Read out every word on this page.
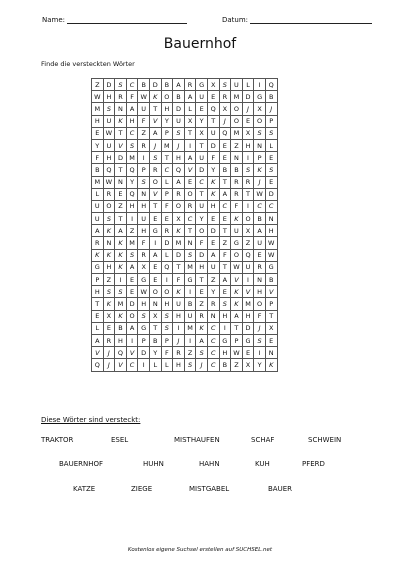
Name:	Datum:
Bauernhof
Finde die versteckten Wörter
Z	D	S	C	B	D	B	A	R	G	X	S	U	L	I	Q
W	H	R	F	W	K	O	B	A	U	E	R	M	D	G	B
M	S	N	A	U	T	H	D	L	E	Q	X	O	J	X	J
H	U	K	H	F	V	Y	U	X	Y	T	J	O	E	O	P
E	W	T	C	Z	A	P	S	T	X	U	Q	M	X	S	S
Y	U	V	S	R	J	M	J	I	T	D	E	Z	H	N	L
F	H	D	M	I	S	T	H	A	U	F	E	N	I	P	E
B	Q	T	Q	P	R	C	Q	V	D	Y	B	B	S	K	S
M	W	N	Y	S	O	L	A	E	C	K	T	R	R	J	E
L	R	E	Q	N	V	P	R	O	T	K	A	R	T	W	D
U	O	Z	H	H	T	F	O	R	U	H	C	F	I	C	C
U	S	T	I	U	E	E	X	C	Y	E	E	K	O	B	N
A	K	A	Z	H	G	R	K	T	O	D	T	U	X	A	H
R	N	K	M	F	I	D	M	N	F	E	Z	G	Z	U	W
K	K	K	S	R	A	L	D	S	D	A	F	O	Q	E	W
G	H	K	A	X	E	Q	T	M	H	U	T	W	U	R	G
P	Z	I	E	G	E	I	F	G	T	Z	A	V	I	N	B
H	S	S	E	W	O	O	K	I	E	Y	E	K	V	H	V
T	K	M	D	H	N	H	U	B	Z	R	S	K	M	O	P
E	X	K	O	S	X	S	H	U	R	N	H	A	H	F	T
L	E	B	A	G	T	S	I	M	K	C	I	T	D	J	X
A	R	H	I	P	B	P	J	I	A	C	G	P	G	S	E
V	J	Q	V	D	Y	F	R	Z	S	C	H	W	E	I	N
Q	J	V	C	I	L	L	H	S	J	C	B	Z	X	Y	K
Diese Wörter sind versteckt:
TRAKTOR	ESEL	MISTHAUFEN	SCHAF	SCHWEIN
BAUERNHOF	HUHN	HAHN	KUH	PFERD
KATZE	ZIEGE	MISTGABEL	BAUER
Kostenlos eigene Suchsel erstellen auf SUCHSEL.net
